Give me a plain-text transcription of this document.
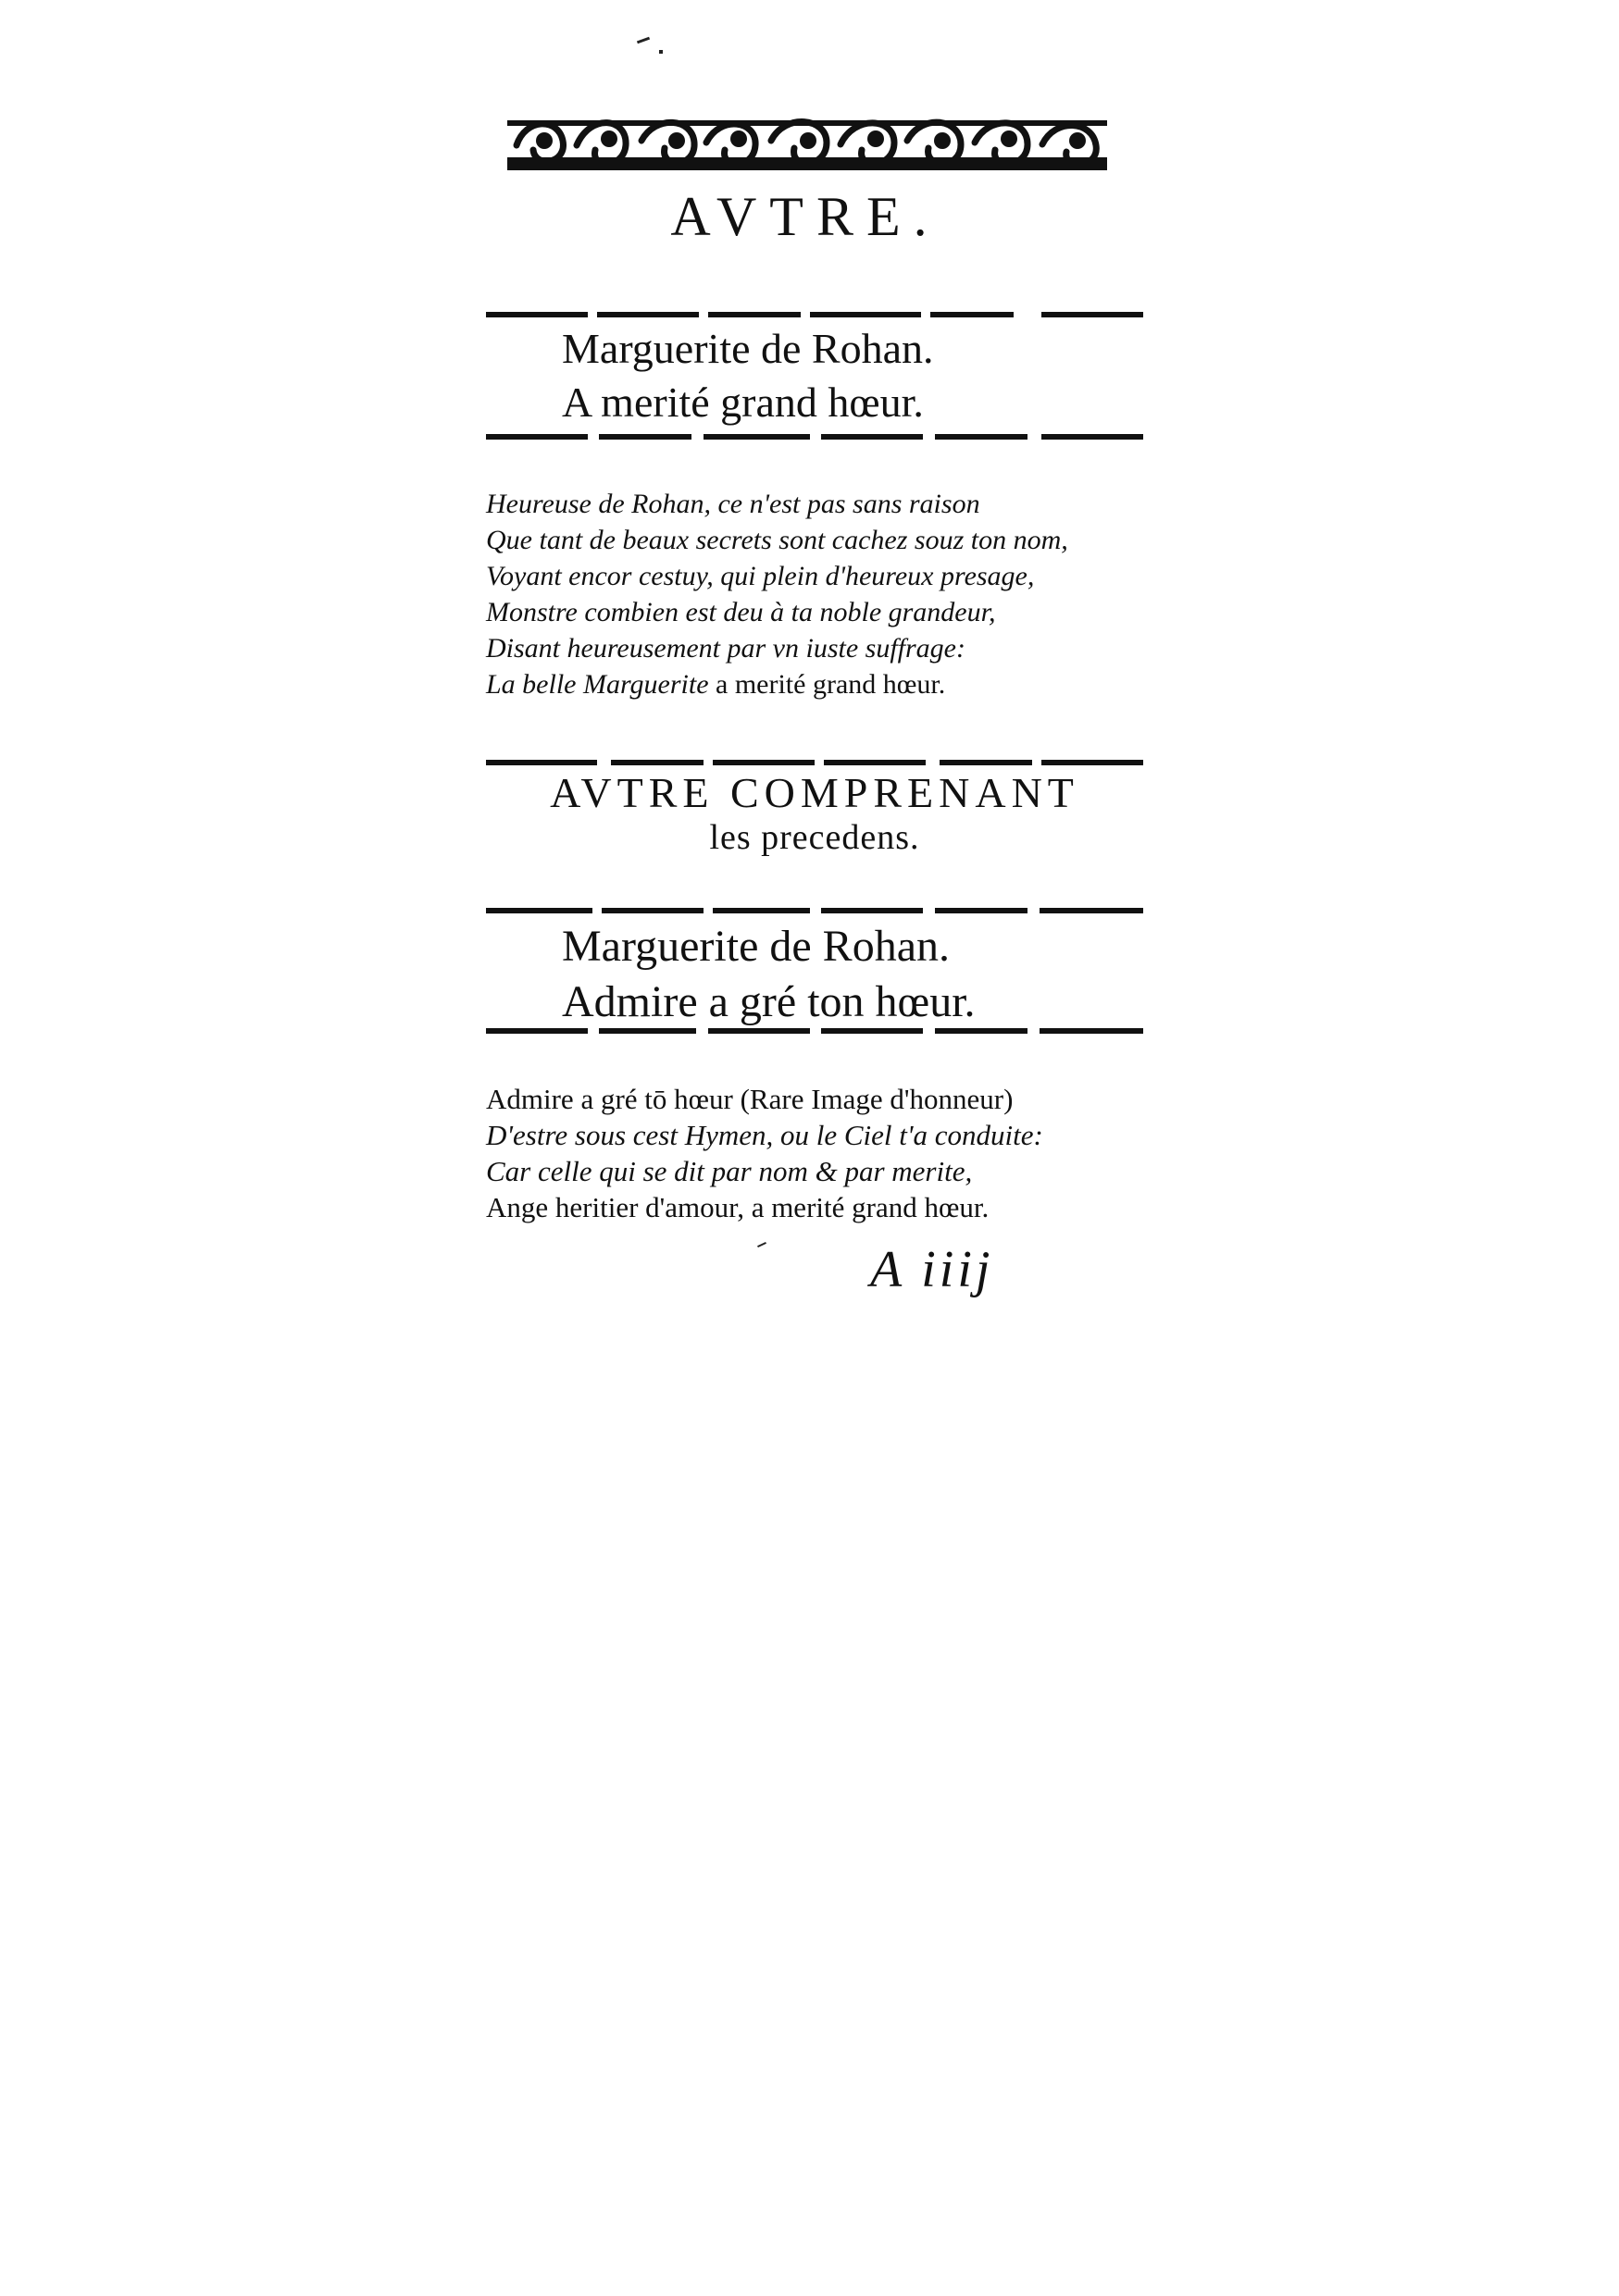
AVTRE.
Marguerite de Rohan.
A merité grand hœur.
Heureuse de Rohan, ce n'est pas sans raison
Que tant de beaux secrets sont cachez souz ton nom,
Voyant encor cestuy, qui plein d'heureux presage,
Monstre combien est deu à ta noble grandeur,
Disant heureusement par vn iuste suffrage:
La belle Marguerite a merité grand hœur.
AVTRE COMPRENANT
les precedens.
Marguerite de Rohan.
Admire a gré ton hœur.
Admire a gré tō hœur (Rare Image d'honneur)
D'estre sous cest Hymen, ou le Ciel t'a conduite:
Car celle qui se dit par nom & par merite,
Ange heritier d'amour, a merité grand hœur.
A iiij
